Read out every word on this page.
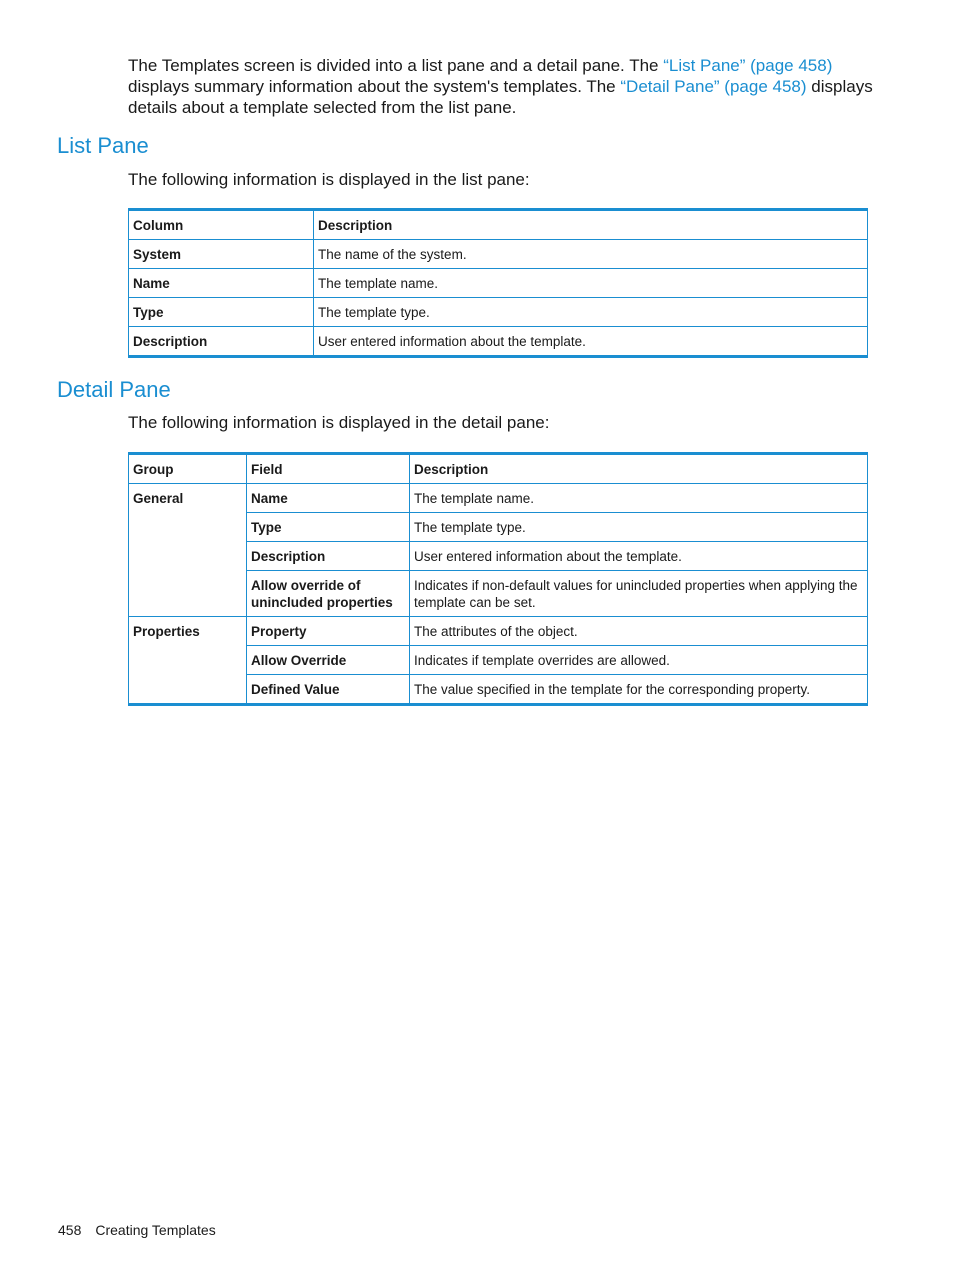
The Templates screen is divided into a list pane and a detail pane. The “List Pane” (page 458) displays summary information about the system's templates. The “Detail Pane” (page 458) displays details about a template selected from the list pane.

List Pane

The following information is displayed in the list pane:

Column	Description
System	The name of the system.
Name	The template name.
Type	The template type.
Description	User entered information about the template.
Detail Pane

The following information is displayed in the detail pane:

Group	Field	Description
General	Name	The template name.
	Type	The template type.
	Description	User entered information about the template.
	Allow override of unincluded properties	Indicates if non-default values for unincluded properties when applying the template can be set.
Properties	Property	The attributes of the object.
	Allow Override	Indicates if template overrides are allowed.
	Defined Value	The value specified in the template for the corresponding property.

458 Creating Templates
